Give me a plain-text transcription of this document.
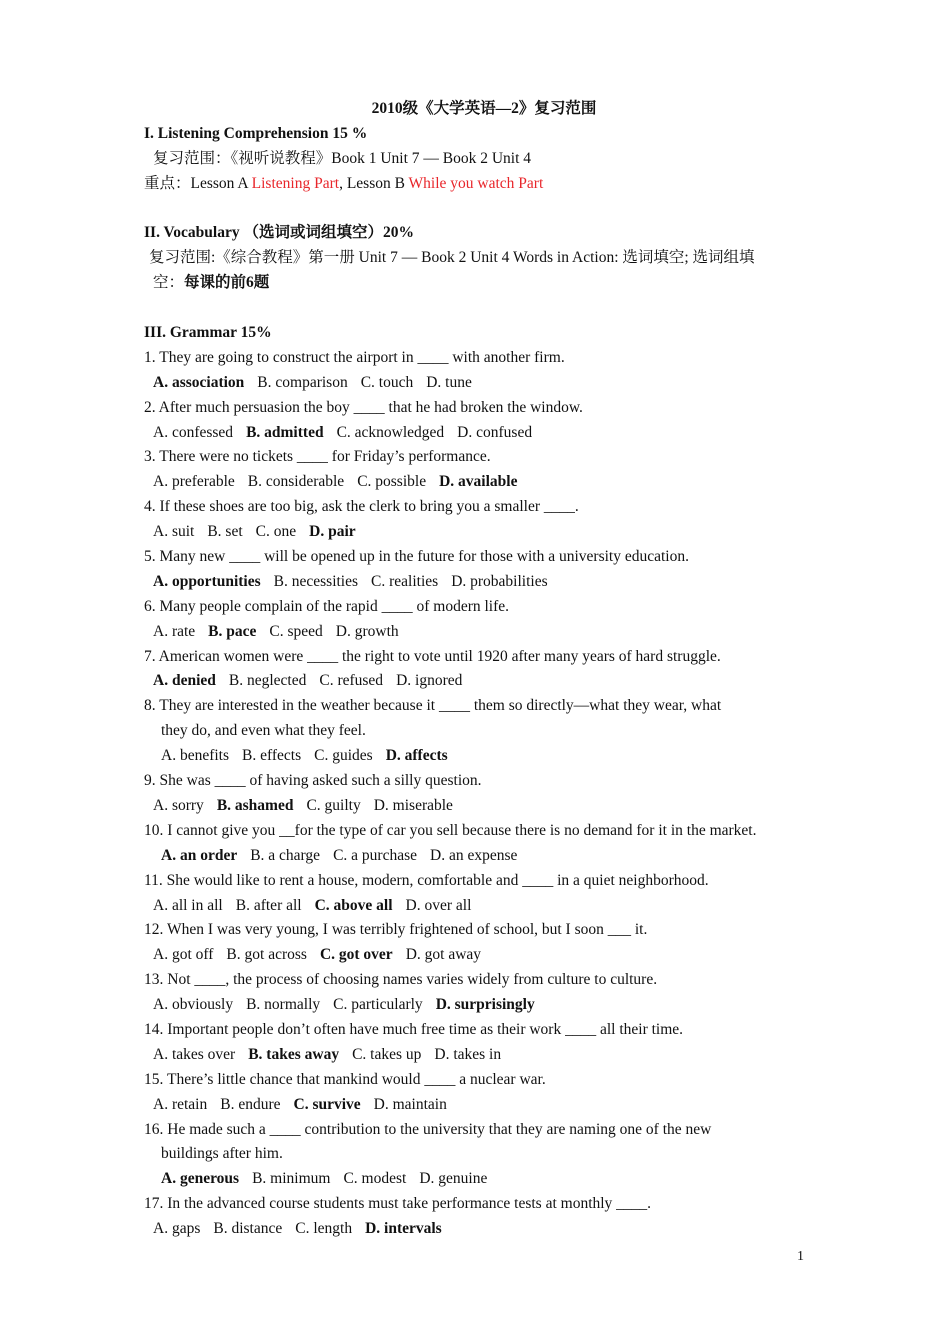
2010级《大学英语—2》复习范围
I. Listening Comprehension 15 %
复习范围：《视听说教程》Book 1 Unit 7 — Book 2 Unit 4
重点：Lesson A Listening Part, Lesson B While you watch Part
II. Vocabulary （选词或词组填空）20%
复习范围:《综合教程》第一册 Unit 7 — Book 2 Unit 4 Words in Action: 选词填空; 选词组填
空：每课的前6题
III. Grammar 15%
1. They are going to construct the airport in ____ with another firm.
A. association B. comparison C. touch D. tune
2. After much persuasion the boy ____ that he had broken the window.
A. confessed B. admitted C. acknowledged D. confused
3. There were no tickets ____ for Friday’s performance.
A. preferable B. considerable C. possible D. available
4. If these shoes are too big, ask the clerk to bring you a smaller ____.
A. suit B. set C. one D. pair
5. Many new ____ will be opened up in the future for those with a university education.
A. opportunities B. necessities C. realities D. probabilities
6. Many people complain of the rapid ____ of modern life.
A. rate B. pace C. speed D. growth
7. American women were ____ the right to vote until 1920 after many years of hard struggle.
A. denied B. neglected C. refused D. ignored
8. They are interested in the weather because it ____ them so directly—what they wear, what
they do, and even what they feel.
A. benefits B. effects C. guides D. affects
9. She was ____ of having asked such a silly question.
A. sorry B. ashamed C. guilty D. miserable
10. I cannot give you __for the type of car you sell because there is no demand for it in the market.
A. an order B. a charge C. a purchase D. an expense
11. She would like to rent a house, modern, comfortable and ____ in a quiet neighborhood.
A. all in all B. after all C. above all D. over all
12. When I was very young, I was terribly frightened of school, but I soon ___ it.
A. got off B. got across C. got over D. got away
13. Not ____, the process of choosing names varies widely from culture to culture.
A. obviously B. normally C. particularly D. surprisingly
14. Important people don’t often have much free time as their work ____ all their time.
A. takes over B. takes away C. takes up D. takes in
15. There’s little chance that mankind would ____ a nuclear war.
A. retain B. endure C. survive D. maintain
16. He made such a ____ contribution to the university that they are naming one of the new
buildings after him.
A. generous B. minimum C. modest D. genuine
17. In the advanced course students must take performance tests at monthly ____.
A. gaps B. distance C. length D. intervals
1
